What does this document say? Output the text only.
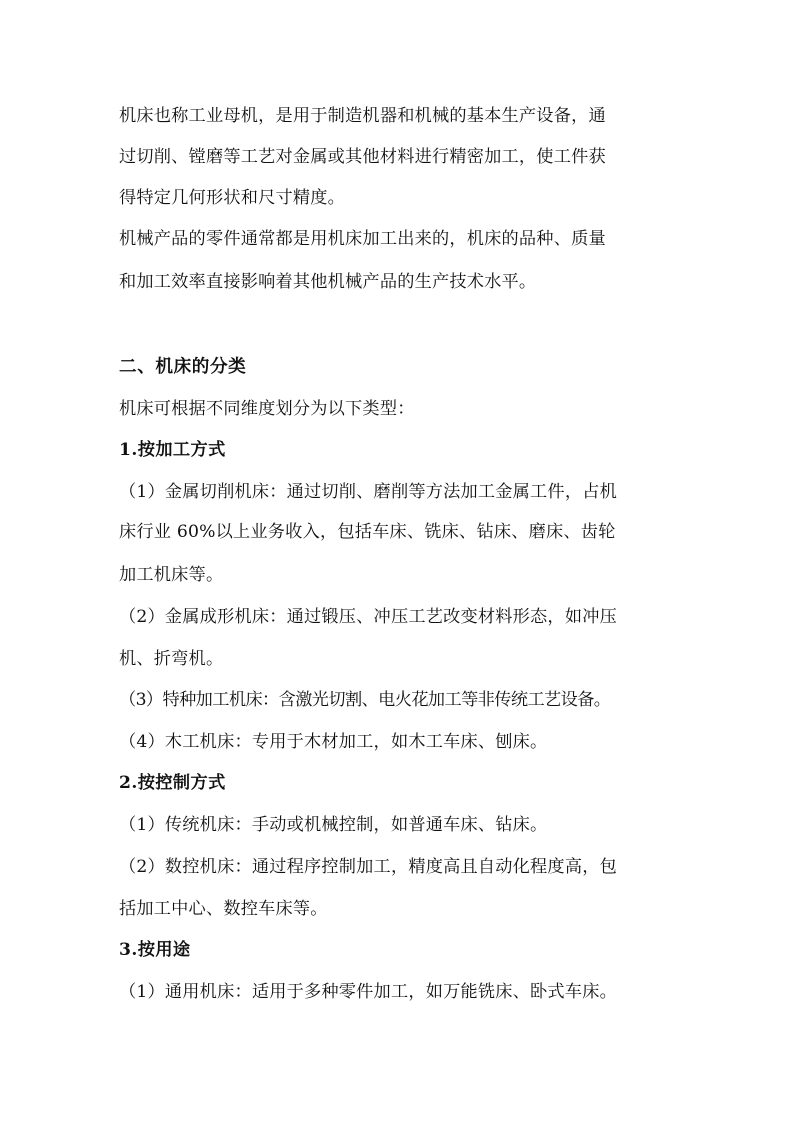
机床也称工业母机，是用于制造机器和机械的基本生产设备，通
过切削、镗磨等工艺对金属或其他材料进行精密加工，使工件获
得特定几何形状和尺寸精度。
机械产品的零件通常都是用机床加工出来的，机床的品种、质量
和加工效率直接影响着其他机械产品的生产技术水平。
二、机床的分类
机床可根据不同维度划分为以下类型：
1.按加工方式
（1）金属切削机床：通过切削、磨削等方法加工金属工件，占机
床行业 60%以上业务收入，包括车床、铣床、钻床、磨床、齿轮
加工机床等。
（2）金属成形机床：通过锻压、冲压工艺改变材料形态，如冲压
机、折弯机。
（3）特种加工机床：含激光切割、电火花加工等非传统工艺设备。
（4）木工机床：专用于木材加工，如木工车床、刨床。
2.按控制方式
（1）传统机床：手动或机械控制，如普通车床、钻床。
（2）数控机床：通过程序控制加工，精度高且自动化程度高，包
括加工中心、数控车床等。
3.按用途
（1）通用机床：适用于多种零件加工，如万能铣床、卧式车床。
